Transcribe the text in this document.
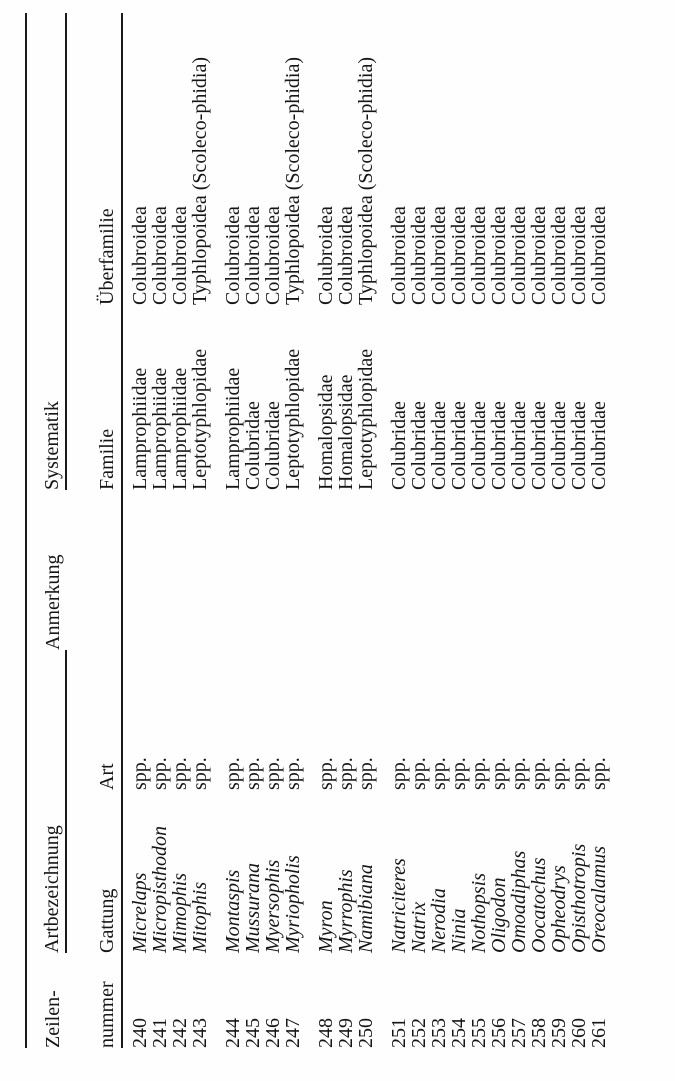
Zeilen-	Artbezeichnung		Anmerkung	Systematik	
nummer	Gattung	Art		Familie	Überfamilie
240	Micrelaps	spp.		Lamprophiidae	Colubroidea
241	Micropisthodon	spp.		Lamprophiidae	Colubroidea
242	Mimophis	spp.		Lamprophiidae	Colubroidea
243	Mitophis	spp.		Leptotyphlopidae	Typhlopoidea (Scoleco-phidia)

244	Montaspis	spp.		Lamprophiidae	Colubroidea
245	Mussurana	spp.		Colubridae	Colubroidea
246	Myersophis	spp.		Colubridae	Colubroidea
247	Myriopholis	spp.		Leptotyphlopidae	Typhlopoidea (Scoleco-phidia)

248	Myron	spp.		Homalopsidae	Colubroidea
249	Myrrophis	spp.		Homalopsidae	Colubroidea
250	Namibiana	spp.		Leptotyphlopidae	Typhlopoidea (Scoleco-phidia)

251	Natriciteres	spp.		Colubridae	Colubroidea
252	Natrix	spp.		Colubridae	Colubroidea
253	Nerodia	spp.		Colubridae	Colubroidea
254	Ninia	spp.		Colubridae	Colubroidea
255	Nothopsis	spp.		Colubridae	Colubroidea
256	Oligodon	spp.		Colubridae	Colubroidea
257	Omoadiphas	spp.		Colubridae	Colubroidea
258	Oocatochus	spp.		Colubridae	Colubroidea
259	Opheodrys	spp.		Colubridae	Colubroidea
260	Opisthotropis	spp.		Colubridae	Colubroidea
261	Oreocalamus	spp.		Colubridae	Colubroidea
